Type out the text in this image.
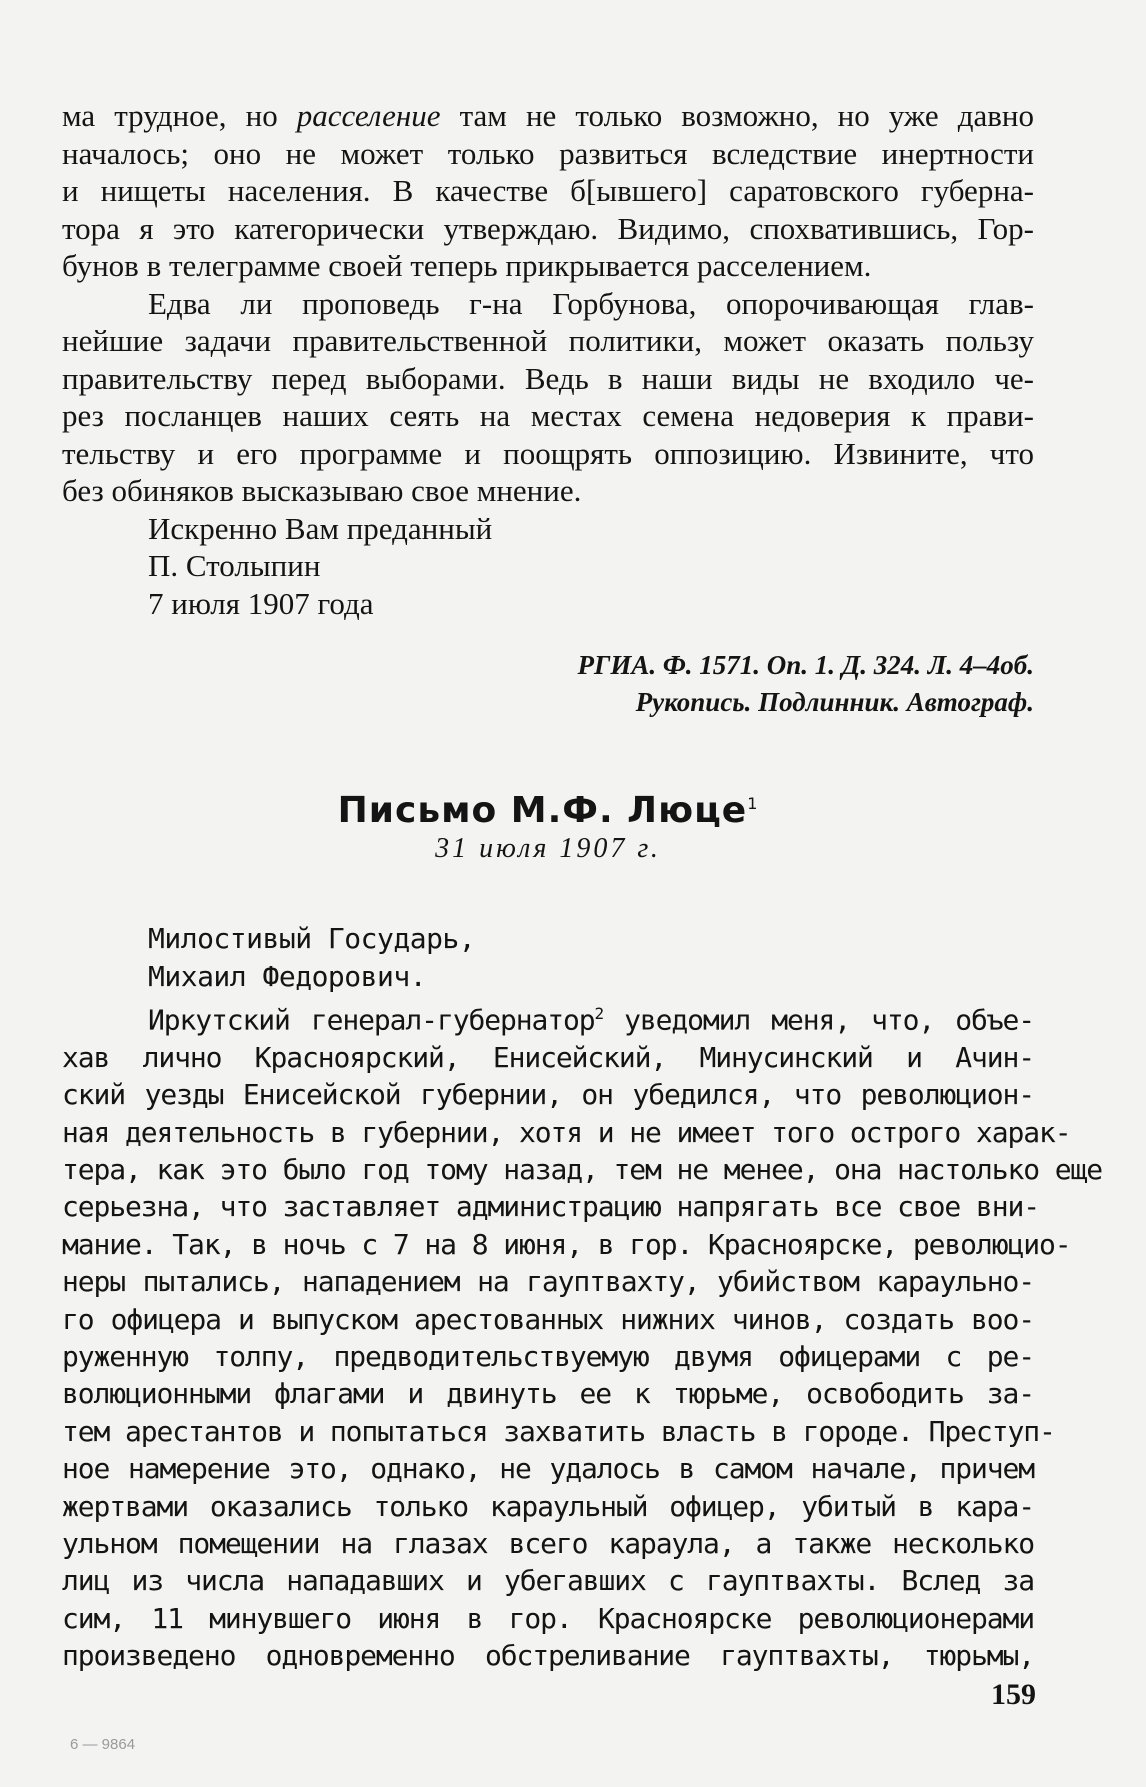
ма трудное, но расселение там не только возможно, но уже давно
началось; оно не может только развиться вследствие инертности
и нищеты населения. В качестве б[ывшего] саратовского губерна-
тора я это категорически утверждаю. Видимо, спохватившись, Гор-
бунов в телеграмме своей теперь прикрывается расселением.
Едва ли проповедь г-на Горбунова, опорочивающая глав-
нейшие задачи правительственной политики, может оказать пользу
правительству перед выборами. Ведь в наши виды не входило че-
рез посланцев наших сеять на местах семена недоверия к прави-
тельству и его программе и поощрять оппозицию. Извините, что
без обиняков высказываю свое мнение.
Искренно Вам преданный
П. Столыпин
7 июля 1907 года
РГИА. Ф. 1571. Оп. 1. Д. 324. Л. 4–4об.
Рукопись. Подлинник. Автограф.
Письмо М.Ф. Люце$^1$
31 июля 1907 г.
Милостивый Государь,
Михаил Федорович.
Иркутский генерал-губернатор$^2$ уведомил меня, что, объе-
хав лично Красноярский, Енисейский, Минусинский и Ачин-
ский уезды Енисейской губернии, он убедился, что революцион-
ная деятельность в губернии, хотя и не имеет того острого харак-
тера, как это было год тому назад, тем не менее, она настолько еще
серьезна, что заставляет администрацию напрягать все свое вни-
мание. Так, в ночь с 7 на 8 июня, в гор. Красноярске, революцио-
неры пытались, нападением на гауптвахту, убийством караульно-
го офицера и выпуском арестованных нижних чинов, создать воо-
руженную толпу, предводительствуемую двумя офицерами с ре-
волюционными флагами и двинуть ее к тюрьме, освободить за-
тем арестантов и попытаться захватить власть в городе. Преступ-
ное намерение это, однако, не удалось в самом начале, причем
жертвами оказались только караульный офицер, убитый в кара-
ульном помещении на глазах всего караула, а также несколько
лиц из числа нападавших и убегавших с гауптвахты. Вслед за
сим, 11 минувшего июня в гор. Красноярске революционерами
произведено одновременно обстреливание гауптвахты, тюрьмы,
159
6 — 9864
